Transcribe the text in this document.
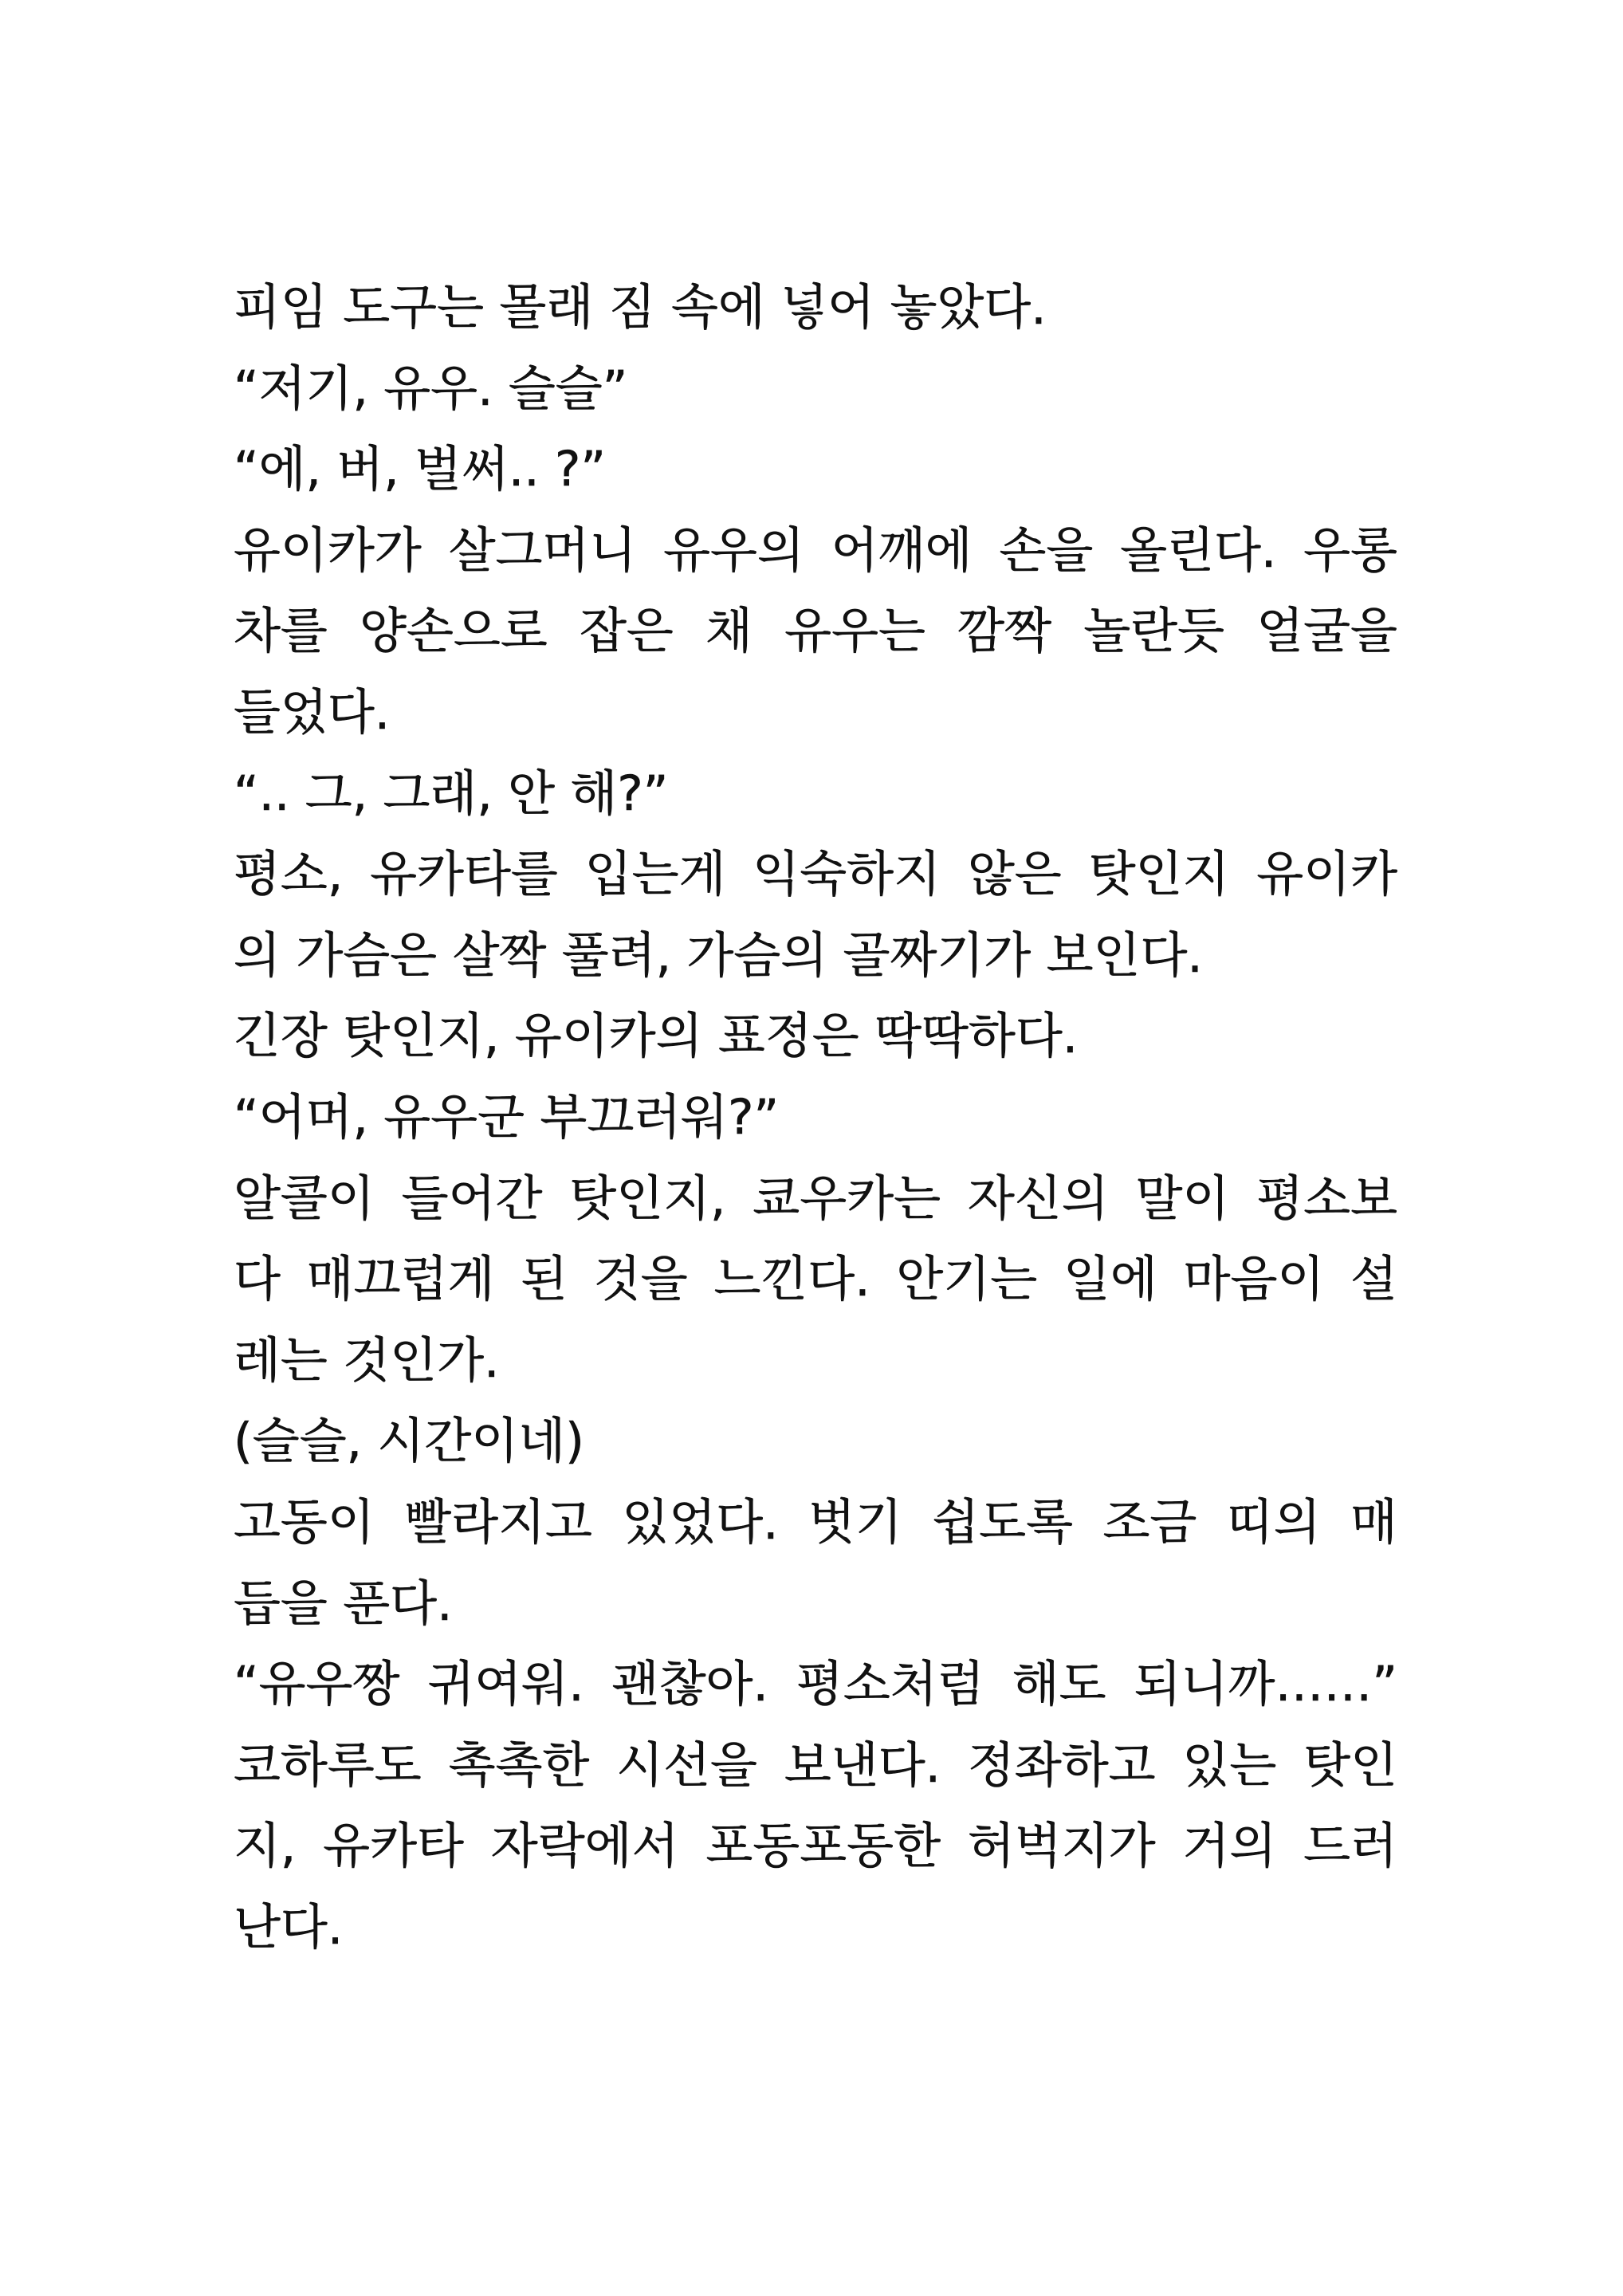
피임 도구는 몰래 짐 속에 넣어 놓았다.
“저기, 유우. 슬슬”
“에, 버, 벌써.. ?”
유이카가 살그머니 유우의 어깨에 손을 올린다. 우롱
차를 양손으로 잡은 채 유우는 깜짝 놀란듯 얼굴을
들었다.
“.. 그, 그래, 안 해?”
평소, 유카타를 입는게 익숙하지 않은 탓인지 유이카
의 가슴은 살짝 풀려, 가슴의 골짜기가 보인다.
긴장 탓인지, 유이카의 표정은 딱딱하다.
“어머, 유우군 부끄러워?”
알콜이 들어간 탓인지, 쿄우카는 자신의 말이 평소보
다 매끄럽게 된 것을 느낀다. 안기는 일에 마음이 설
레는 것인가.
(슬슬, 시간이네)
고동이 빨라지고 있었다. 벗기 쉽도록 조금 띠의 매
듭을 푼다.
“유우짱 귀여워. 괜찮아. 평소처럼 해도 되니까……”
코하루도 촉촉한 시선을 보낸다. 정좌하고 있는 탓인
지, 유카타 자락에서 포동포동한 허벅지가 거의 드러
난다.
